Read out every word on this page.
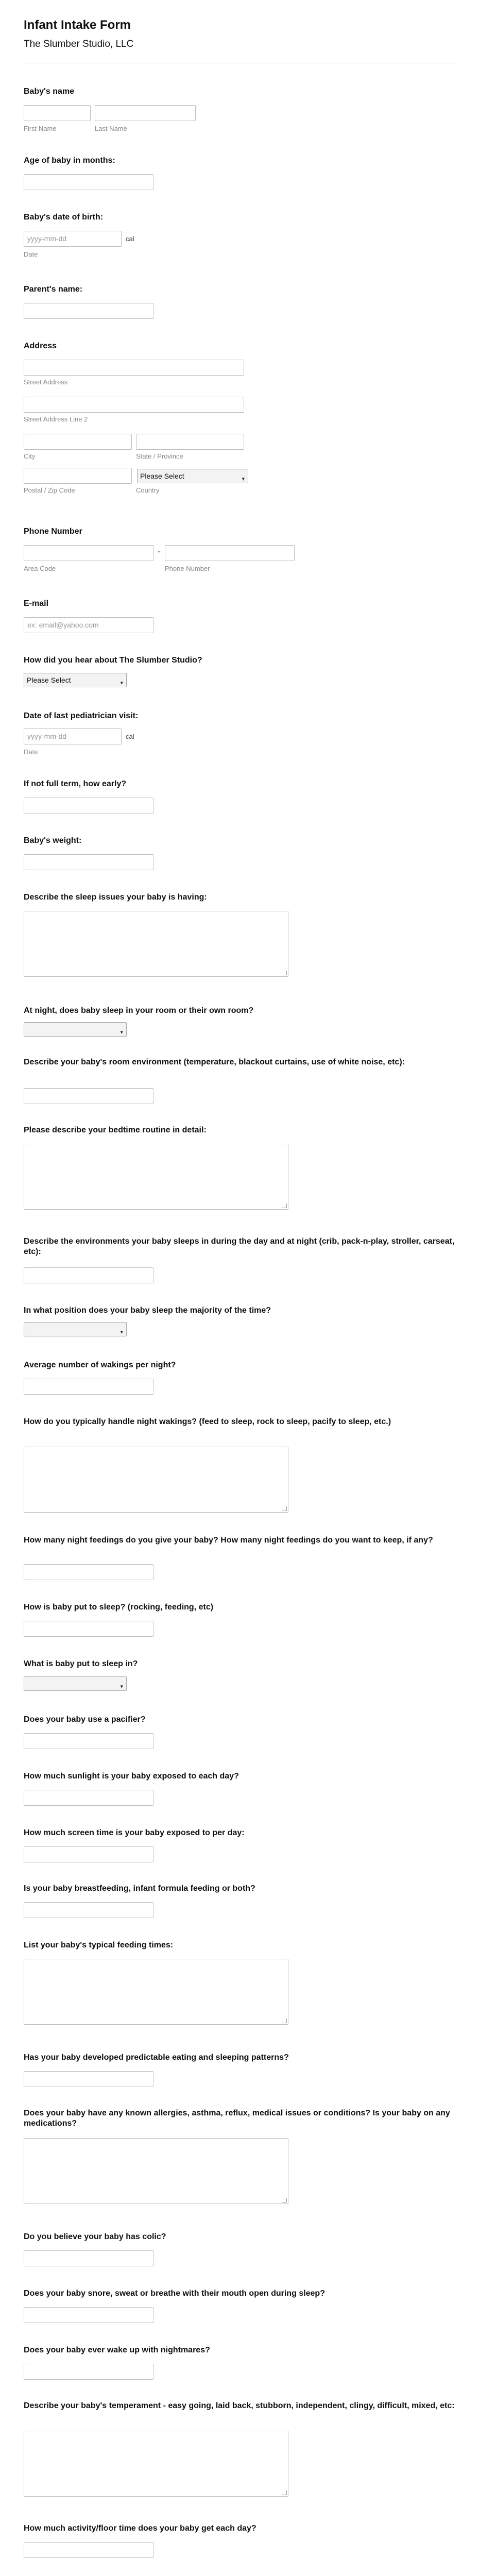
Infant Intake Form
The Slumber Studio, LLC
Baby's name
First Name	Last Name
Age of baby in months:
Baby's date of birth:
yyyy-mm-dd	cal
Date
Parent's name:
Address
Street Address
Street Address Line 2
City	State / Province
Please Select	▾
Postal / Zip Code	Country
Phone Number
-
Area Code	Phone Number
E-mail
ex: email@yahoo.com
How did you hear about The Slumber Studio?
Please Select	▾
Date of last pediatrician visit:
yyyy-mm-dd	cal
Date
If not full term, how early?
Baby's weight:
Describe the sleep issues your baby is having:
At night, does baby sleep in your room or their own room?
▾
Describe your baby's room environment (temperature, blackout curtains, use of white noise, etc):
Please describe your bedtime routine in detail:
Describe the environments your baby sleeps in during the day and at night (crib, pack-n-play, stroller, carseat, etc):
In what position does your baby sleep the majority of the time?
▾
Average number of wakings per night?
How do you typically handle night wakings? (feed to sleep, rock to sleep, pacify to sleep, etc.)
How many night feedings do you give your baby? How many night feedings do you want to keep, if any?
How is baby put to sleep? (rocking, feeding, etc)
What is baby put to sleep in?
▾
Does your baby use a pacifier?
How much sunlight is your baby exposed to each day?
How much screen time is your baby exposed to per day:
Is your baby breastfeeding, infant formula feeding or both?
List your baby's typical feeding times:
Has your baby developed predictable eating and sleeping patterns?
Does your baby have any known allergies, asthma, reflux, medical issues or conditions? Is your baby on any medications?
Do you believe your baby has colic?
Does your baby snore, sweat or breathe with their mouth open during sleep?
Does your baby ever wake up with nightmares?
Describe your baby's temperament - easy going, laid back, stubborn, independent, clingy, difficult, mixed, etc:
How much activity/floor time does your baby get each day?
